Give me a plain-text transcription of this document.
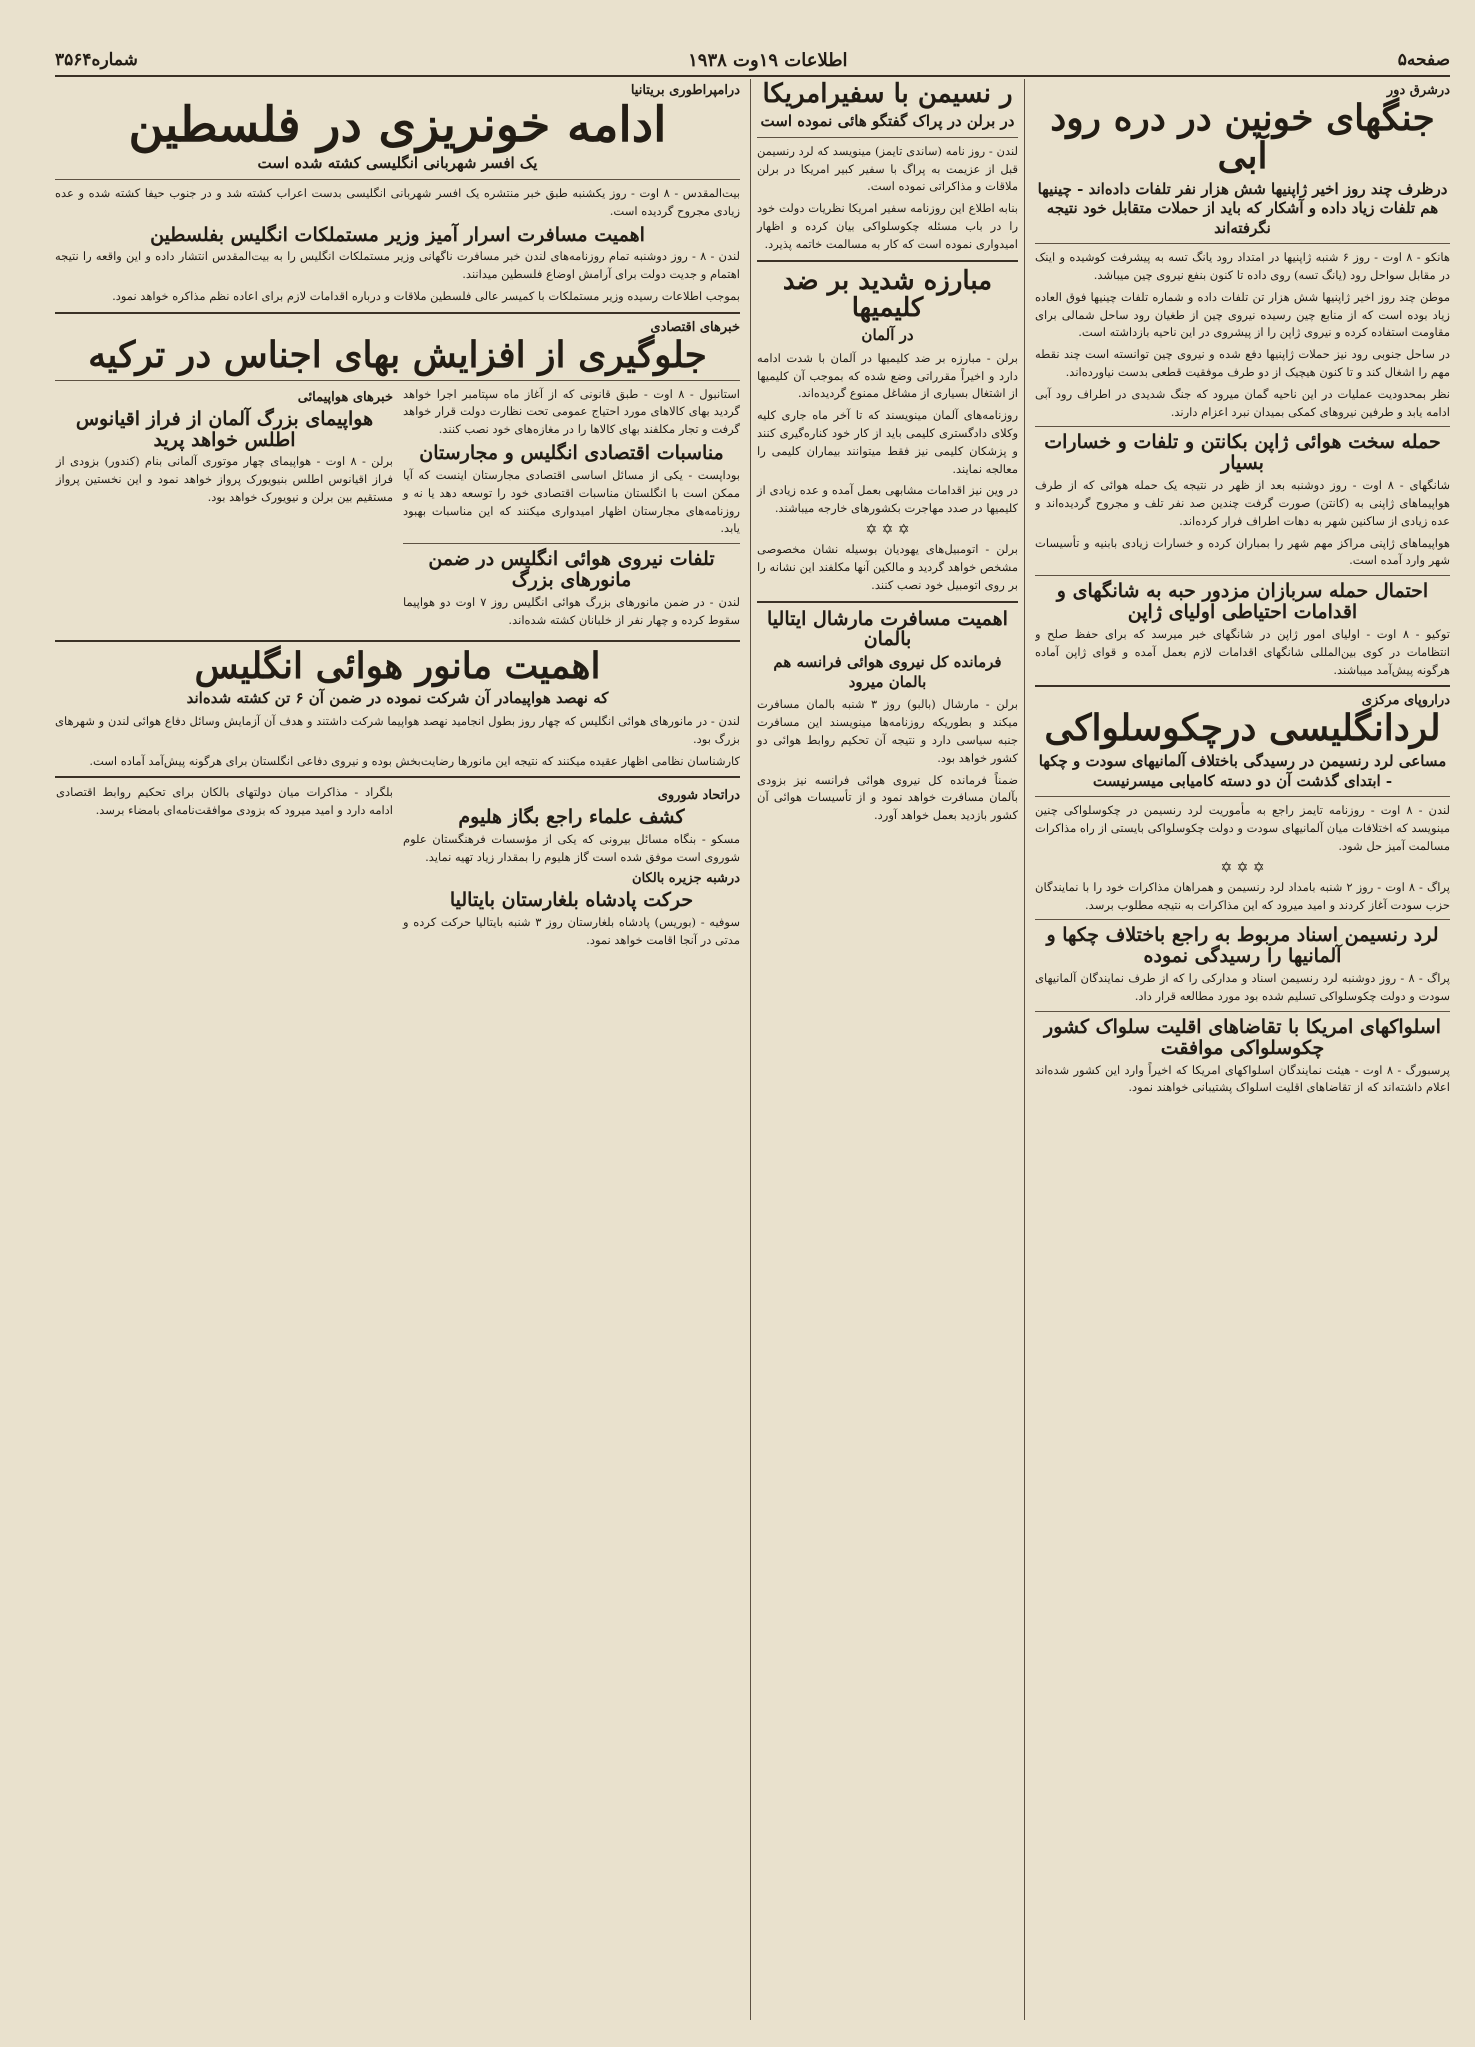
صفحه۵
اطلاعات ۱۹وت ۱۹۳۸
شماره۳۵۶۴
درشرق دور
جنگهای خونین در دره رود آبی
درظرف چند روز اخیر ژاپنیها شش هزار نفر تلفات داده‌اند - چینیها هم تلفات زیاد داده و آشکار که باید از حملات متقابل خود نتیجه نگرفته‌اند

هانکو - ۸ اوت - روز ۶ شنبه ژاپنیها در امتداد رود یانگ تسه به پیشرفت کوشیده و اینک در مقابل سواحل رود (یانگ تسه) روی داده تا کنون بنفع نیروی چین میباشد.

موطن چند روز اخیر ژاپنیها شش هزار تن تلفات داده و شماره تلفات چینیها فوق العاده زیاد بوده است که از منابع چین رسیده نیروی چین از طغیان رود ساحل شمالی برای مقاومت استفاده کرده و نیروی ژاپن را از پیشروی در این ناحیه بازداشته است.

در ساحل جنوبی رود نیز حملات ژاپنیها دفع شده و نیروی چین توانسته است چند نقطه مهم را اشغال کند و تا کنون هیچیک از دو طرف موفقیت قطعی بدست نیاورده‌اند.

نظر بمحدودیت عملیات در این ناحیه گمان میرود که جنگ شدیدی در اطراف رود آبی ادامه یابد و طرفین نیروهای کمکی بمیدان نبرد اعزام دارند.

حمله سخت هوائی ژاپن بکانتن و تلفات و خسارات بسیار

شانگهای - ۸ اوت - روز دوشنبه بعد از ظهر در نتیجه یک حمله هوائی که از طرف هواپیماهای ژاپنی به (کانتن) صورت گرفت چندین صد نفر تلف و مجروح گردیده‌اند و عده زیادی از ساکنین شهر به دهات اطراف فرار کرده‌اند.

هواپیماهای ژاپنی مراکز مهم شهر را بمباران کرده و خسارات زیادی بابنیه و تأسیسات شهر وارد آمده است.

احتمال حمله سربازان مزدور حبه به شانگهای و اقدامات احتیاطی اولیای ژاپن

توکیو - ۸ اوت - اولیای امور ژاپن در شانگهای خبر میرسد که برای حفظ صلح و انتظامات در کوی بین‌المللی شانگهای اقدامات لازم بعمل آمده و قوای ژاپن آماده هرگونه پیش‌آمد میباشند.

دراروپای مرکزی
لردانگلیسی درچکوسلواکی
مساعی لرد رنسیمن در رسیدگی باختلاف آلمانیهای سودت و چکها - ابتدای گذشت آن دو دسته کامیابی میسرنیست

لندن - ۸ اوت - روزنامه تایمز راجع به مأموریت لرد رنسیمن در چکوسلواکی چنین مینویسد که اختلافات میان آلمانیهای سودت و دولت چکوسلواکی بایستی از راه مذاکرات مسالمت آمیز حل شود.

✡ ✡ ✡

پراگ - ۸ اوت - روز ۲ شنبه بامداد لرد رنسیمن و همراهان مذاکرات خود را با نمایندگان حزب سودت آغاز کردند و امید میرود که این مذاکرات به نتیجه مطلوب برسد.

لرد رنسیمن اسناد مربوط به راجع باختلاف چکها و آلمانیها را رسیدگی نموده

پراگ - ۸ - روز دوشنبه لرد رنسیمن اسناد و مدارکی را که از طرف نمایندگان آلمانیهای سودت و دولت چکوسلواکی تسلیم شده بود مورد مطالعه قرار داد.

اسلواکهای امریکا با تقاضاهای اقلیت سلواک کشور چکوسلواکی موافقت

پرسبورگ - ۸ اوت - هیئت نمایندگان اسلواکهای امریکا که اخیراً وارد این کشور شده‌اند اعلام داشته‌اند که از تقاضاهای اقلیت اسلواک پشتیبانی خواهند نمود.

ر نسیمن با سفیرامریکا
در برلن در پراک گفتگو هائی نموده است

لندن - روز نامه (ساندی تایمز) مینویسد که لرد رنسیمن قبل از عزیمت به پراگ با سفیر کبیر امریکا در برلن ملاقات و مذاکراتی نموده است.

بنابه اطلاع این روزنامه سفیر امریکا نظریات دولت خود را در باب مسئله چکوسلواکی بیان کرده و اظهار امیدواری نموده است که کار به مسالمت خاتمه پذیرد.

مبارزه شدید بر ضد کلیمیها
در آلمان

برلن - مبارزه بر ضد کلیمیها در آلمان با شدت ادامه دارد و اخیراً مقرراتی وضع شده که بموجب آن کلیمیها از اشتغال بسیاری از مشاغل ممنوع گردیده‌اند.

روزنامه‌های آلمان مینویسند که تا آخر ماه جاری کلیه وکلای دادگستری کلیمی باید از کار خود کناره‌گیری کنند و پزشکان کلیمی نیز فقط میتوانند بیماران کلیمی را معالجه نمایند.

در وین نیز اقدامات مشابهی بعمل آمده و عده زیادی از کلیمیها در صدد مهاجرت بکشورهای خارجه میباشند.

✡ ✡ ✡

برلن - اتومبیل‌های یهودیان بوسیله نشان مخصوصی مشخص خواهد گردید و مالکین آنها مکلفند این نشانه را بر روی اتومبیل خود نصب کنند.

اهمیت مسافرت مارشال ایتالیا بالمان
فرمانده کل نیروی هوائی فرانسه هم بالمان میرود

برلن - مارشال (بالبو) روز ۳ شنبه بالمان مسافرت میکند و بطوریکه روزنامه‌ها مینویسند این مسافرت جنبه سیاسی دارد و نتیجه آن تحکیم روابط هوائی دو کشور خواهد بود.

ضمناً فرمانده کل نیروی هوائی فرانسه نیز بزودی بآلمان مسافرت خواهد نمود و از تأسیسات هوائی آن کشور بازدید بعمل خواهد آورد.

درامپراطوری بریتانیا
ادامه خونریزی در فلسطین
یک افسر شهربانی انگلیسی کشته شده است

بیت‌المقدس - ۸ اوت - روز یکشنبه طبق خبر منتشره یک افسر شهربانی انگلیسی بدست اعراب کشته شد و در جنوب حیفا کشته شده و عده زیادی مجروح گردیده است.

اهمیت مسافرت اسرار آمیز وزیر مستملکات انگلیس بفلسطین

لندن - ۸ - روز دوشنبه تمام روزنامه‌های لندن خبر مسافرت ناگهانی وزیر مستملکات انگلیس را به بیت‌المقدس انتشار داده و این واقعه را نتیجه اهتمام و جدیت دولت برای آرامش اوضاع فلسطین میدانند.

بموجب اطلاعات رسیده وزیر مستملکات با کمیسر عالی فلسطین ملاقات و درباره اقدامات لازم برای اعاده نظم مذاکره خواهد نمود.

خبرهای اقتصادی
جلوگیری از افزایش بهای اجناس در ترکیه

استانبول - ۸ اوت - طبق قانونی که از آغاز ماه سپتامبر اجرا خواهد گردید بهای کالاهای مورد احتیاج عمومی تحت نظارت دولت قرار خواهد گرفت و تجار مکلفند بهای کالاها را در مغازه‌های خود نصب کنند.

مناسبات اقتصادی انگلیس و مجارستان

بوداپست - یکی از مسائل اساسی اقتصادی مجارستان اینست که آیا ممکن است با انگلستان مناسبات اقتصادی خود را توسعه دهد یا نه و روزنامه‌های مجارستان اظهار امیدواری میکنند که این مناسبات بهبود یابد.

تلفات نیروی هوائی انگلیس در ضمن مانورهای بزرگ

لندن - در ضمن مانورهای بزرگ هوائی انگلیس روز ۷ اوت دو هواپیما سقوط کرده و چهار نفر از خلبانان کشته شده‌اند.

خبرهای هواپیمائی
هواپیمای بزرگ آلمان از فراز اقیانوس اطلس خواهد پرید

برلن - ۸ اوت - هواپیمای چهار موتوری آلمانی بنام (کندور) بزودی از فراز اقیانوس اطلس بنیویورک پرواز خواهد نمود و این نخستین پرواز مستقیم بین برلن و نیویورک خواهد بود.

اهمیت مانور هوائی انگلیس
که نهصد هواپیمادر آن شرکت نموده در ضمن آن ۶ تن کشته شده‌اند

لندن - در مانورهای هوائی انگلیس که چهار روز بطول انجامید نهصد هواپیما شرکت داشتند و هدف آن آزمایش وسائل دفاع هوائی لندن و شهرهای بزرگ بود.

کارشناسان نظامی اظهار عقیده میکنند که نتیجه این مانورها رضایت‌بخش بوده و نیروی دفاعی انگلستان برای هرگونه پیش‌آمد آماده است.

دراتحاد شوروی
کشف علماء راجع بگاز هلیوم

مسکو - بنگاه مسائل بیرونی که یکی از مؤسسات فرهنگستان علوم شوروی است موفق شده است گاز هلیوم را بمقدار زیاد تهیه نماید.

درشبه جزیره بالکان
حرکت پادشاه بلغارستان بایتالیا

سوفیه - (بوریس) پادشاه بلغارستان روز ۳ شنبه بایتالیا حرکت کرده و مدتی در آنجا اقامت خواهد نمود.

بلگراد - مذاکرات میان دولتهای بالکان برای تحکیم روابط اقتصادی ادامه دارد و امید میرود که بزودی موافقت‌نامه‌ای بامضاء برسد.
